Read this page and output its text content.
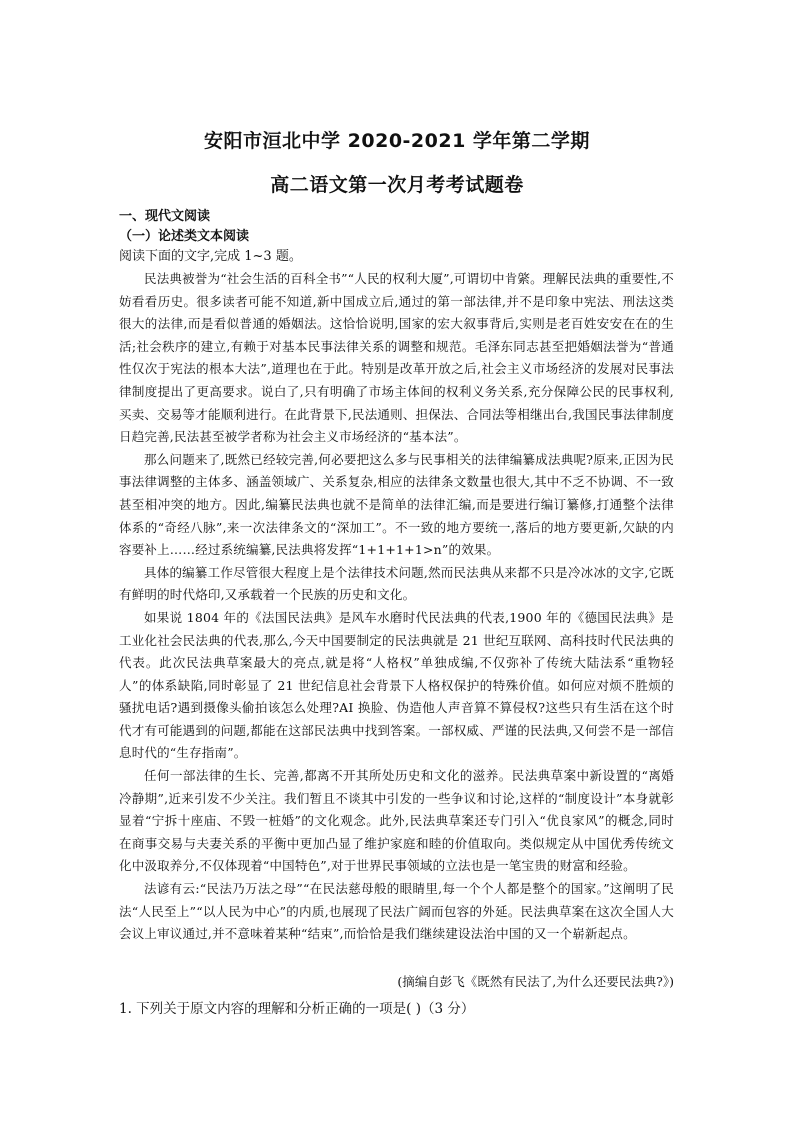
安阳市洹北中学 2020-2021 学年第二学期
高二语文第一次月考考试题卷
一、现代文阅读
（一）论述类文本阅读
阅读下面的文字,完成 1~3 题。

民法典被誉为“社会生活的百科全书”“人民的权利大厦”,可谓切中肯綮。理解民法典的重要性,不妨看看历史。很多读者可能不知道,新中国成立后,通过的第一部法律,并不是印象中宪法、刑法这类很大的法律,而是看似普通的婚姻法。这恰恰说明,国家的宏大叙事背后,实则是老百姓安安在在的生活;社会秩序的建立,有赖于对基本民事法律关系的调整和规范。毛泽东同志甚至把婚姻法誉为“普通性仅次于宪法的根本大法”,道理也在于此。特别是改革开放之后,社会主义市场经济的发展对民事法律制度提出了更高要求。说白了,只有明确了市场主体间的权利义务关系,充分保障公民的民事权利,买卖、交易等才能顺利进行。在此背景下,民法通则、担保法、合同法等相继出台,我国民事法律制度日趋完善,民法甚至被学者称为社会主义市场经济的“基本法”。

那么问题来了,既然已经较完善,何必要把这么多与民事相关的法律编纂成法典呢?原来,正因为民事法律调整的主体多、涵盖领域广、关系复杂,相应的法律条文数量也很大,其中不乏不协调、不一致甚至相冲突的地方。因此,编纂民法典也就不是简单的法律汇编,而是要进行编订纂修,打通整个法律体系的“奇经八脉”,来一次法律条文的“深加工”。不一致的地方要统一,落后的地方要更新,欠缺的内容要补上……经过系统编纂,民法典将发挥“1+1+1+1>n”的效果。

具体的编纂工作尽管很大程度上是个法律技术问题,然而民法典从来都不只是冷冰冰的文字,它既有鲜明的时代烙印,又承载着一个民族的历史和文化。

如果说 1804 年的《法国民法典》是风车水磨时代民法典的代表,1900 年的《德国民法典》是工业化社会民法典的代表,那么,今天中国要制定的民法典就是 21 世纪互联网、高科技时代民法典的代表。此次民法典草案最大的亮点,就是将“人格权”单独成编,不仅弥补了传统大陆法系“重物轻人”的体系缺陷,同时彰显了 21 世纪信息社会背景下人格权保护的特殊价值。如何应对烦不胜烦的骚扰电话?遇到摄像头偷拍该怎么处理?AI 换脸、伪造他人声音算不算侵权?这些只有生活在这个时代才有可能遇到的问题,都能在这部民法典中找到答案。一部权威、严谨的民法典,又何尝不是一部信息时代的“生存指南”。

任何一部法律的生长、完善,都离不开其所处历史和文化的滋养。民法典草案中新设置的“离婚冷静期”,近来引发不少关注。我们暂且不谈其中引发的一些争议和讨论,这样的“制度设计”本身就彰显着“宁拆十座庙、不毁一桩婚”的文化观念。此外,民法典草案还专门引入“优良家风”的概念,同时在商事交易与夫妻关系的平衡中更加凸显了维护家庭和睦的价值取向。类似规定从中国优秀传统文化中汲取养分,不仅体现着“中国特色”,对于世界民事领域的立法也是一笔宝贵的财富和经验。

法谚有云:“民法乃万法之母”“在民法慈母般的眼睛里,每一个个人都是整个的国家。”这阐明了民法“人民至上”“以人民为中心”的内质,也展现了民法广阔而包容的外延。民法典草案在这次全国人大会议上审议通过,并不意味着某种“结束”,而恰恰是我们继续建设法治中国的又一个崭新起点。

(摘编自彭飞《既然有民法了,为什么还要民法典?》)
1. 下列关于原文内容的理解和分析正确的一项是( )（3 分）
